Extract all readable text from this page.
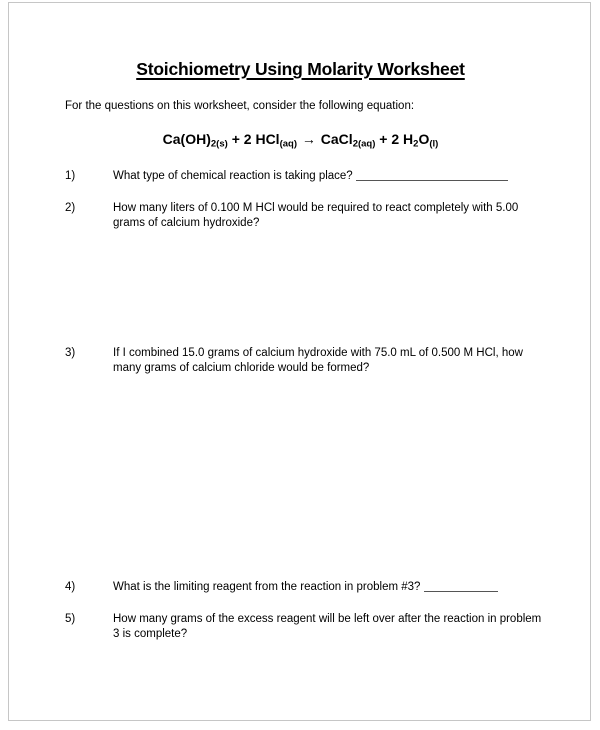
Stoichiometry Using Molarity Worksheet
For the questions on this worksheet, consider the following equation:
$Ca(OH)_{2(s)} + 2$ HCl$_{(aq)}$ → CaCl$_{2(aq)}$ + 2 $H_2O_{(l)}$
1)	What type of chemical reaction is taking place?
2)	How many liters of 0.100 M HCl would be required to react completely with 5.00 grams of calcium hydroxide?
3)	If I combined 15.0 grams of calcium hydroxide with 75.0 mL of 0.500 M HCl, how many grams of calcium chloride would be formed?
4)	What is the limiting reagent from the reaction in problem #3?
5)	How many grams of the excess reagent will be left over after the reaction in problem 3 is complete?
